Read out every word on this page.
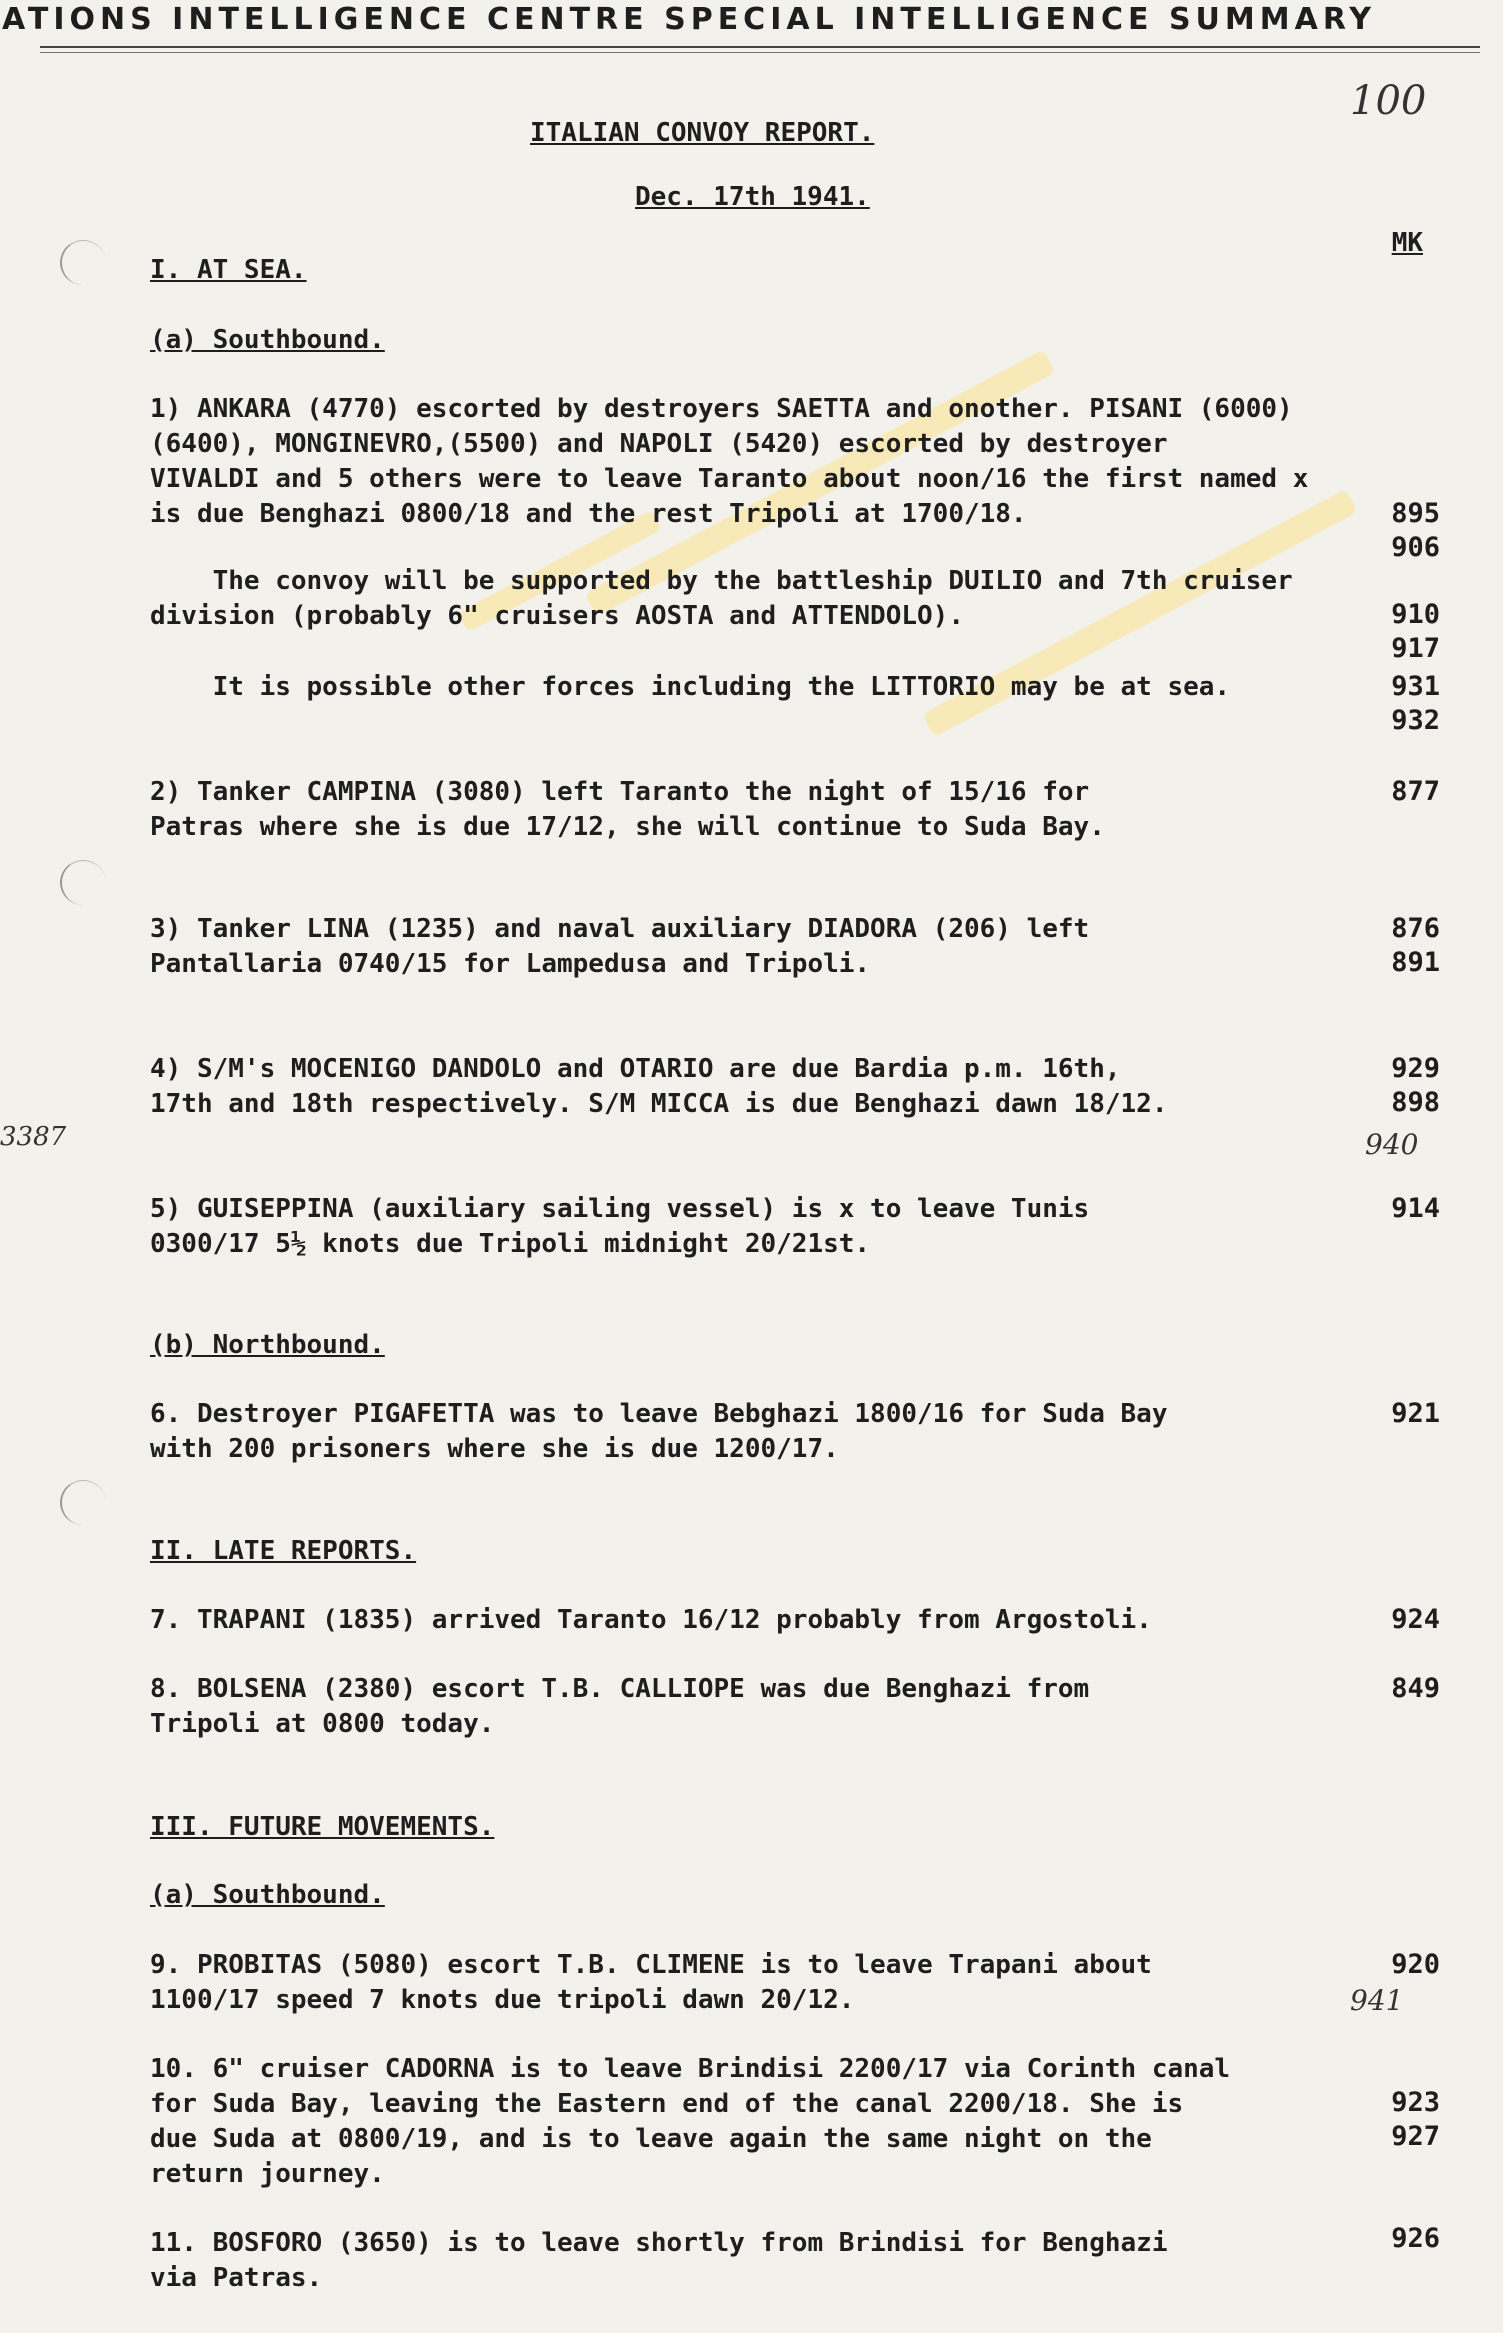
ATIONS INTELLIGENCE CENTRE SPECIAL INTELLIGENCE SUMMARY
100
ITALIAN CONVOY REPORT.
Dec. 17th 1941.
I. AT SEA.
MK
(a) Southbound.
1) ANKARA (4770) escorted by destroyers SAETTA and onother. PISANI (6000)
(6400), MONGINEVRO,(5500) and NAPOLI (5420) escorted by destroyer
VIVALDI and 5 others were to leave Taranto about noon/16 the first named x
is due Benghazi 0800/18 and the rest Tripoli at 1700/18.	895
906
The convoy will be supported by the battleship DUILIO and 7th cruiser
division (probably 6" cruisers AOSTA and ATTENDOLO).	910
917
It is possible other forces including the LITTORIO may be at sea.	931
932
2) Tanker CAMPINA (3080) left Taranto the night of 15/16 for
Patras where she is due 17/12, she will continue to Suda Bay.
877
3) Tanker LINA (1235) and naval auxiliary DIADORA (206) left
Pantallaria 0740/15 for Lampedusa and Tripoli.
876
891
4) S/M's MOCENIGO DANDOLO and OTARIO are due Bardia p.m. 16th,
17th and 18th respectively. S/M MICCA is due Benghazi dawn 18/12.
929
898
940
3387
5) GUISEPPINA (auxiliary sailing vessel) is x to leave Tunis
0300/17 5½ knots due Tripoli midnight 20/21st.
914
(b) Northbound.
6. Destroyer PIGAFETTA was to leave Bebghazi 1800/16 for Suda Bay
with 200 prisoners where she is due 1200/17.
921
II. LATE REPORTS.
7. TRAPANI (1835) arrived Taranto 16/12 probably from Argostoli.	924
8. BOLSENA (2380) escort T.B. CALLIOPE was due Benghazi from
Tripoli at 0800 today.
849
III. FUTURE MOVEMENTS.
(a) Southbound.
9. PROBITAS (5080) escort T.B. CLIMENE is to leave Trapani about
1100/17 speed 7 knots due tripoli dawn 20/12.
920
941
10. 6" cruiser CADORNA is to leave Brindisi 2200/17 via Corinth canal
for Suda Bay, leaving the Eastern end of the canal 2200/18. She is
due Suda at 0800/19, and is to leave again the same night on the
return journey.
923
927
11. BOSFORO (3650) is to leave shortly from Brindisi for Benghazi
via Patras.
926
